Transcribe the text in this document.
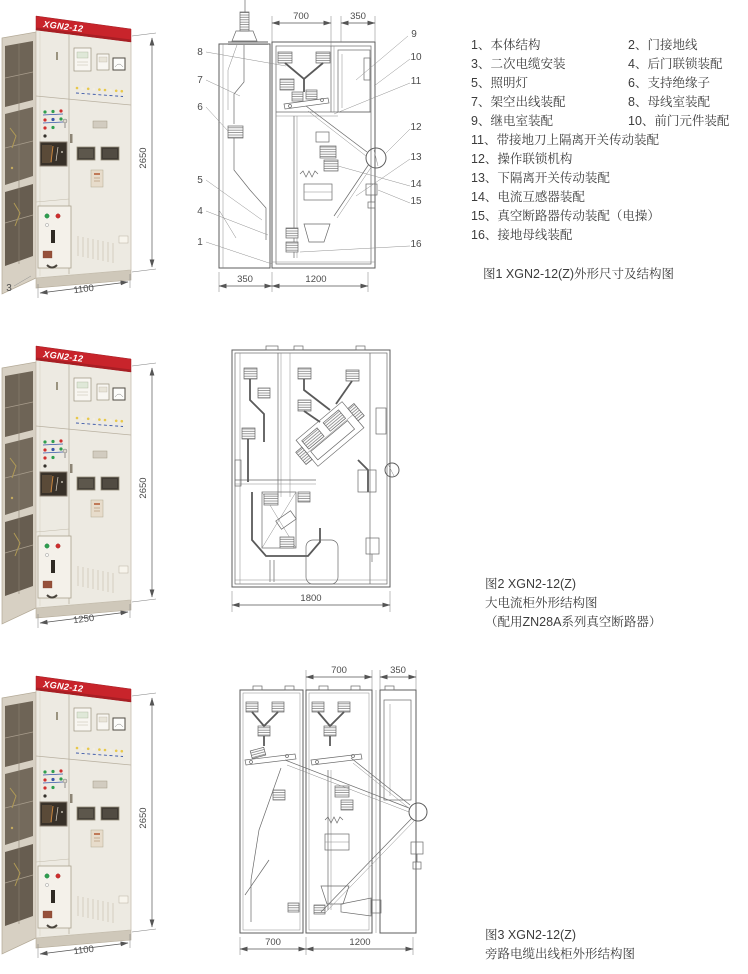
2650
1100
3
700	350
350	1200
8
7
6
5
4
1
9
10
11
12
13
14
15
16
1、本体结构	2、门接地线
3、二次电缆安装	4、后门联锁装配
5、照明灯	6、支持绝缘子
7、架空出线装配	8、母线室装配
9、继电室装配	10、前门元件装配
11、带接地刀上隔离开关传动装配
12、操作联锁机构
13、下隔离开关传动装配
14、电流互感器装配
15、真空断路器传动装配（电操）
16、接地母线装配
图1 XGN2-12(Z)外形尺寸及结构图
2650
1250
1800
图2 XGN2-12(Z)
大电流柜外形结构图
（配用ZN28A系列真空断路器）
2650
1100
700	350
700	1200
图3 XGN2-12(Z)
旁路电缆出线柜外形结构图
